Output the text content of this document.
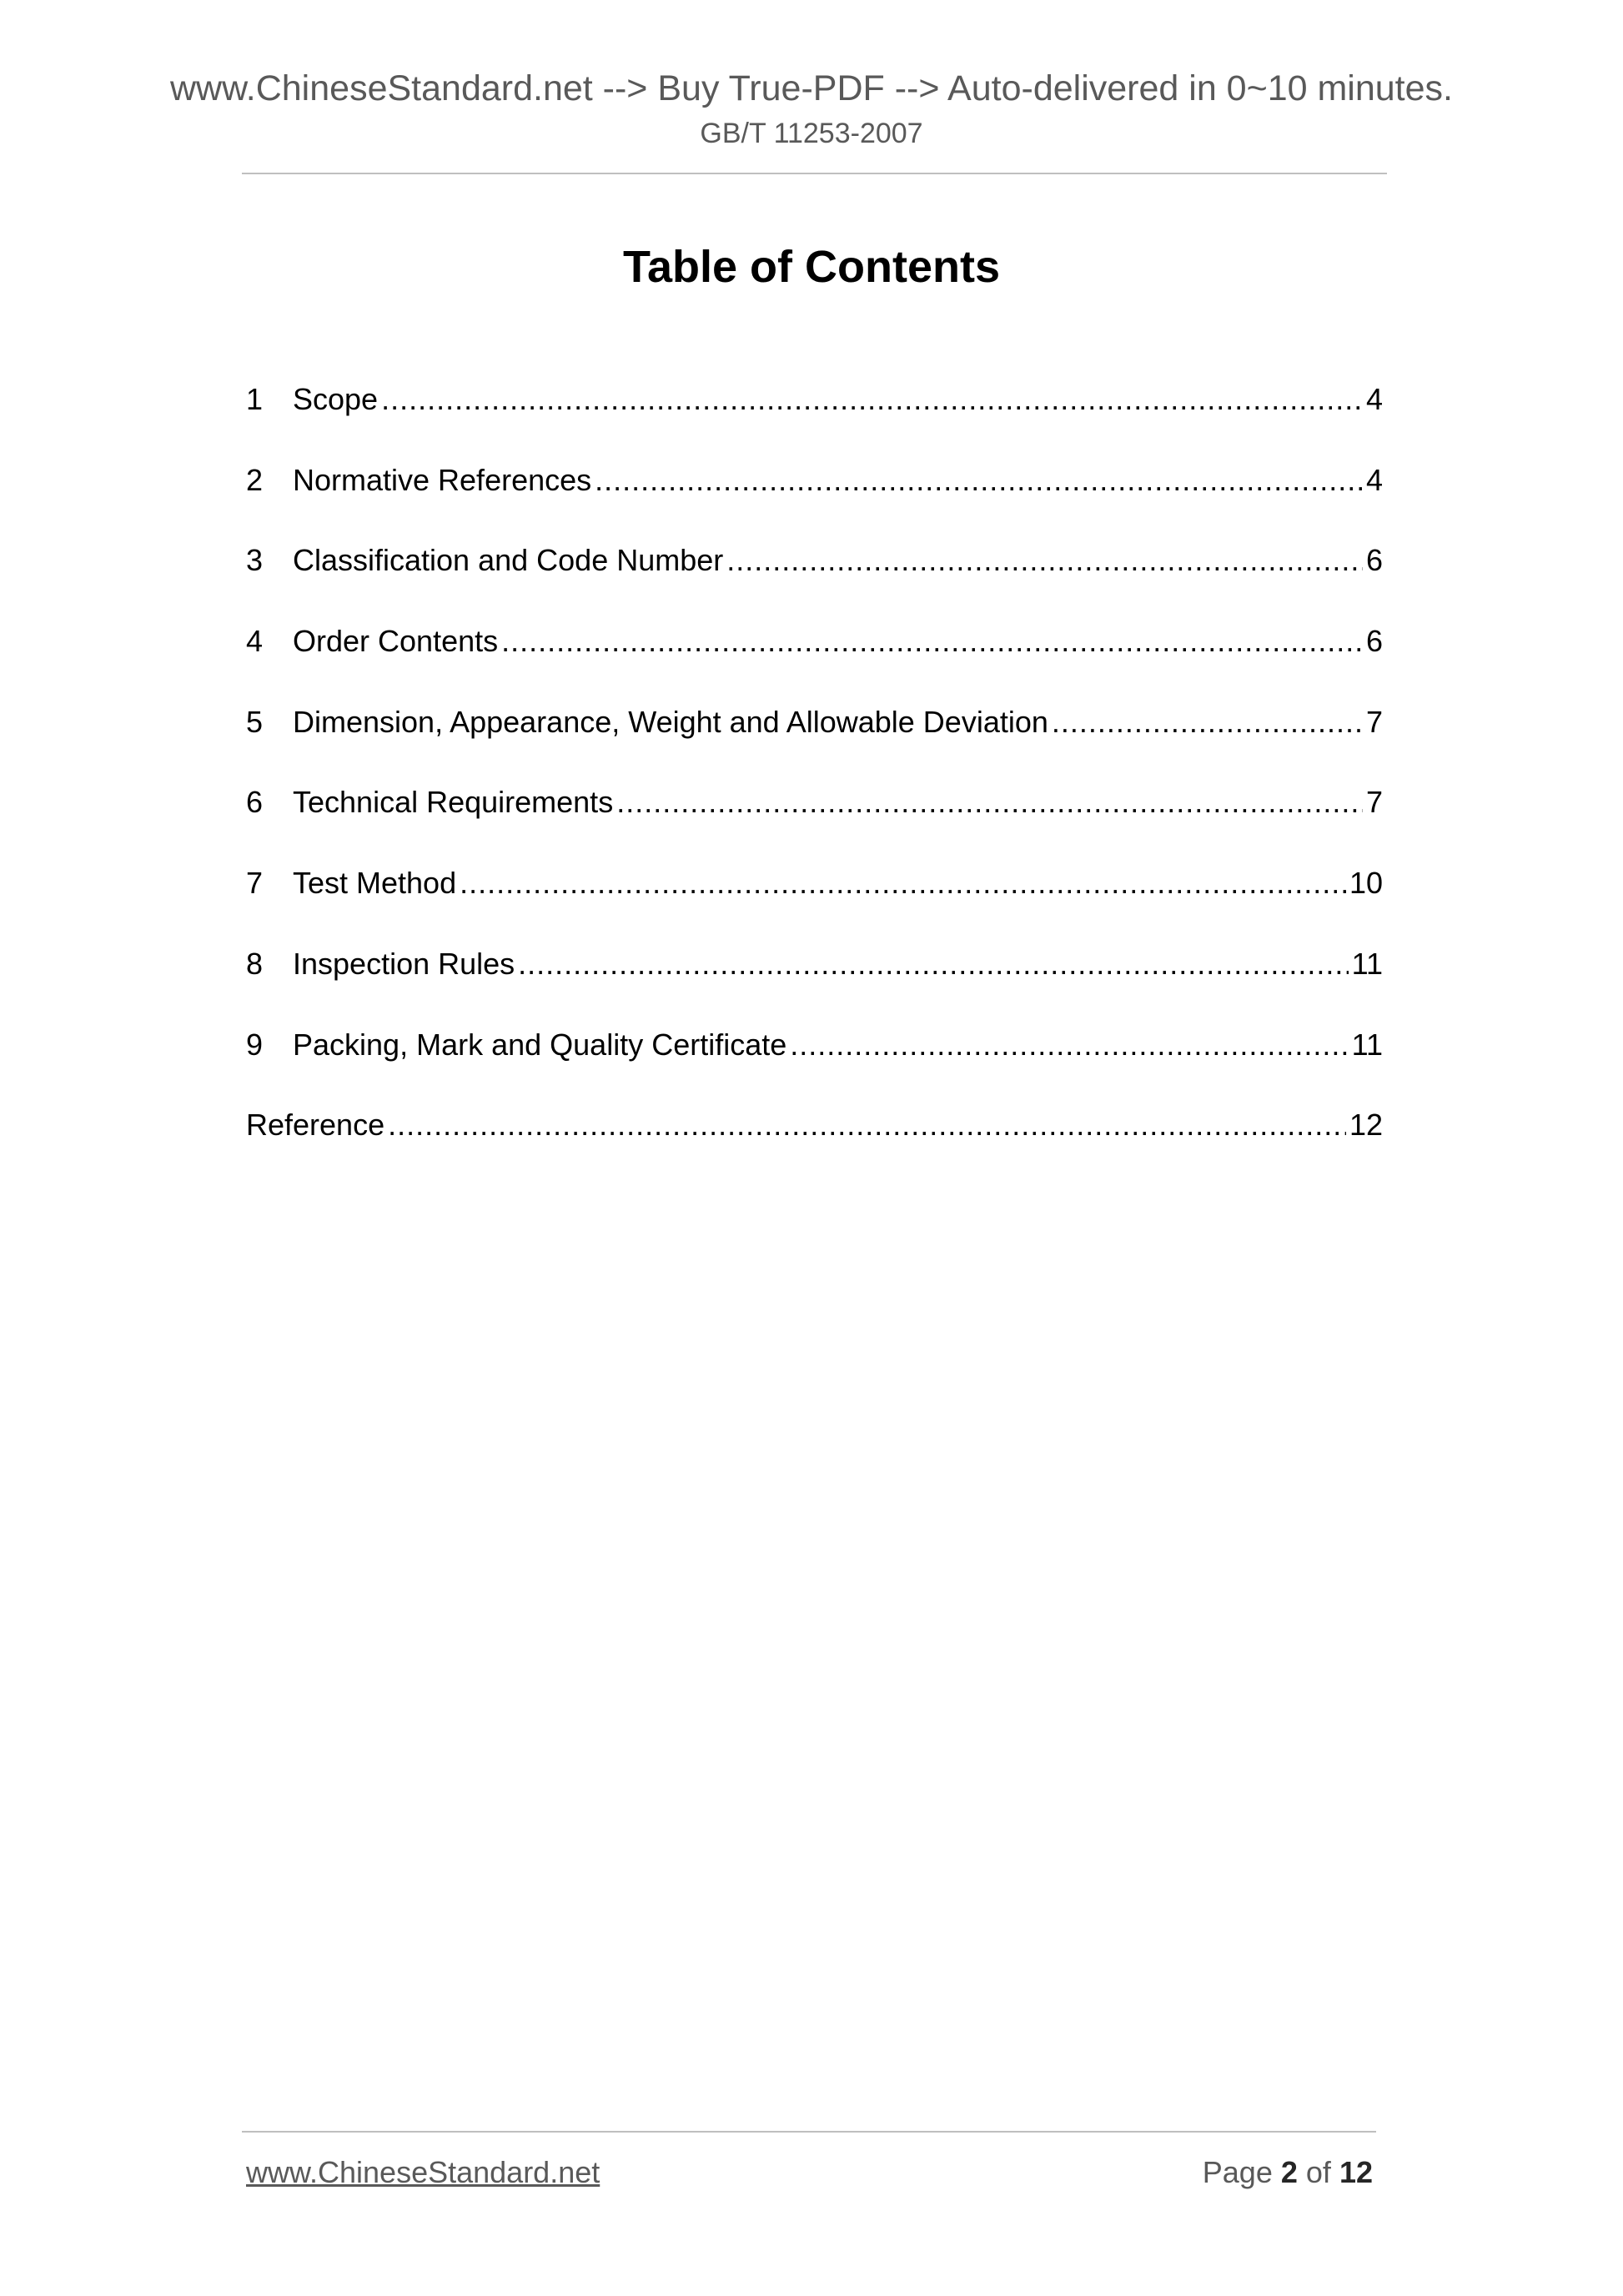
www.ChineseStandard.net --> Buy True-PDF --> Auto-delivered in 0~10 minutes.
GB/T 11253-2007
Table of Contents
1 Scope .....	4
2 Normative References .....	4
3 Classification and Code Number .....	6
4 Order Contents .....	6
5 Dimension, Appearance, Weight and Allowable Deviation .....	7
6 Technical Requirements .....	7
7 Test Method .....	10
8 Inspection Rules .....	11
9 Packing, Mark and Quality Certificate .....	11
Reference .....	12
www.ChineseStandard.net	Page 2 of 12
